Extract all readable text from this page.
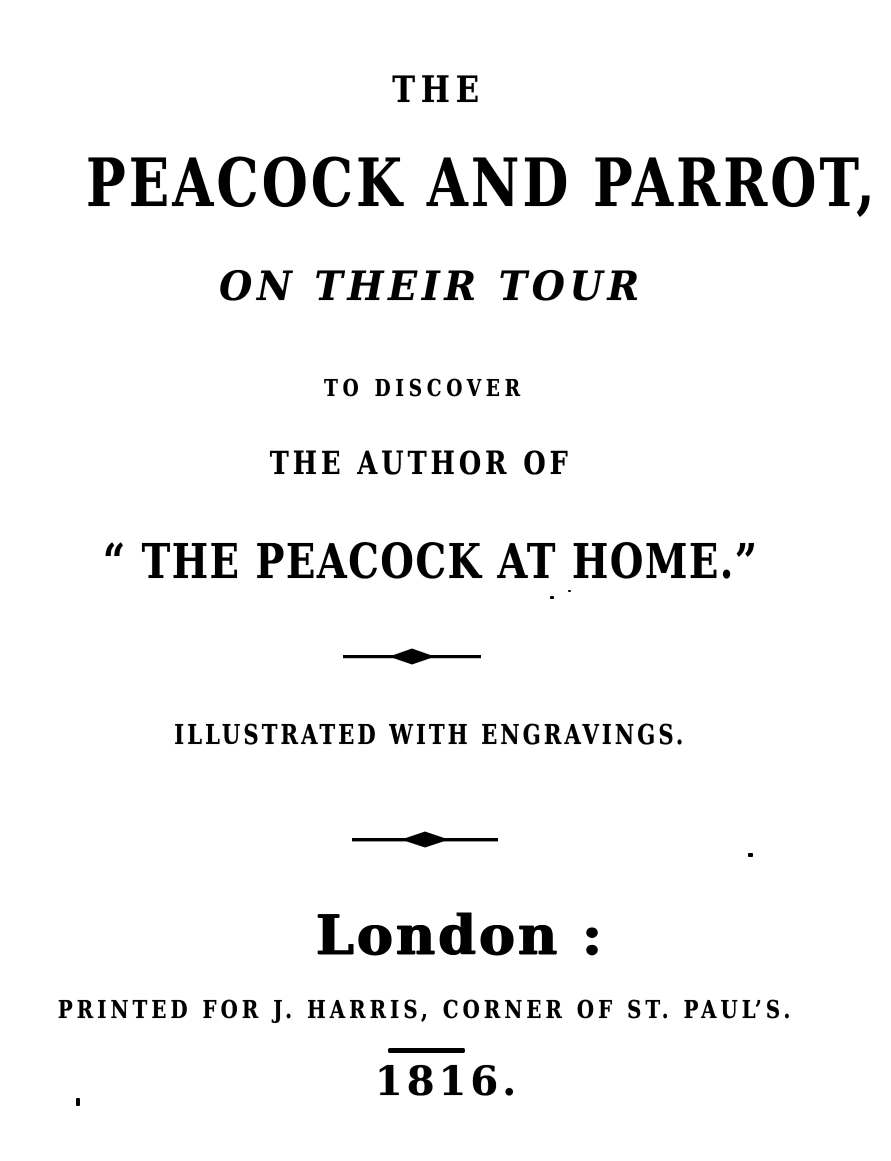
THE
PEACOCK AND PARROT,
ON THEIR TOUR
TO DISCOVER
THE AUTHOR OF
“ THE PEACOCK AT HOME.”
ILLUSTRATED WITH ENGRAVINGS.
London :
PRINTED FOR J. HARRIS, CORNER OF ST. PAUL’S.
1816.
